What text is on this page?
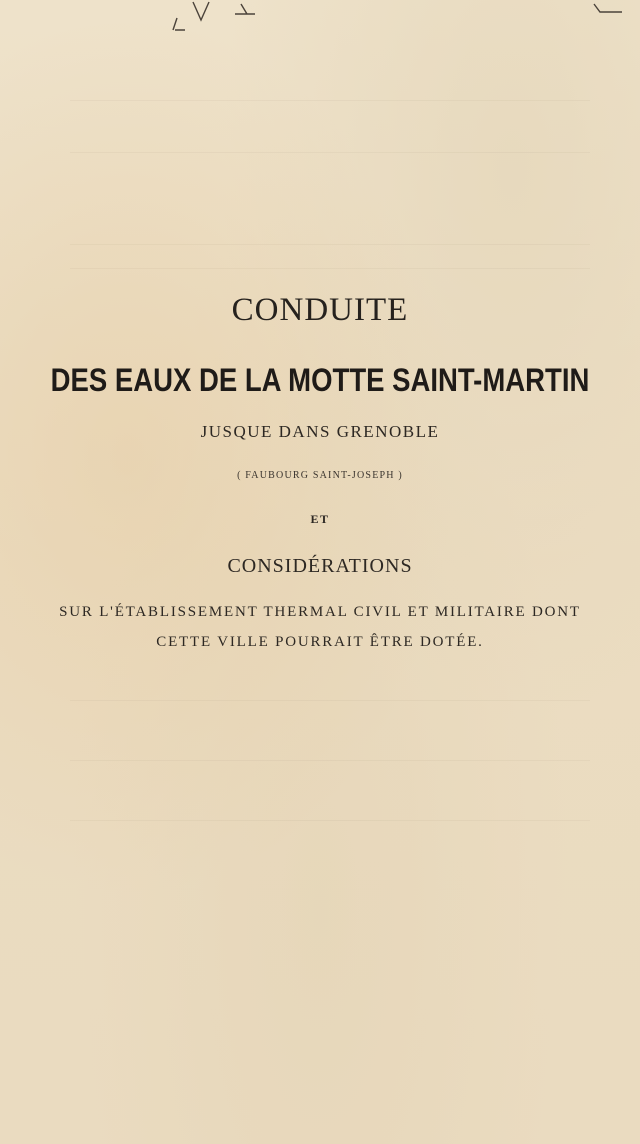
CONDUITE
DES EAUX DE LA MOTTE SAINT-MARTIN
JUSQUE DANS GRENOBLE
( FAUBOURG SAINT-JOSEPH )
ET
CONSIDÉRATIONS
SUR L'ÉTABLISSEMENT THERMAL CIVIL ET MILITAIRE DONT
CETTE VILLE POURRAIT ÊTRE DOTÉE.
